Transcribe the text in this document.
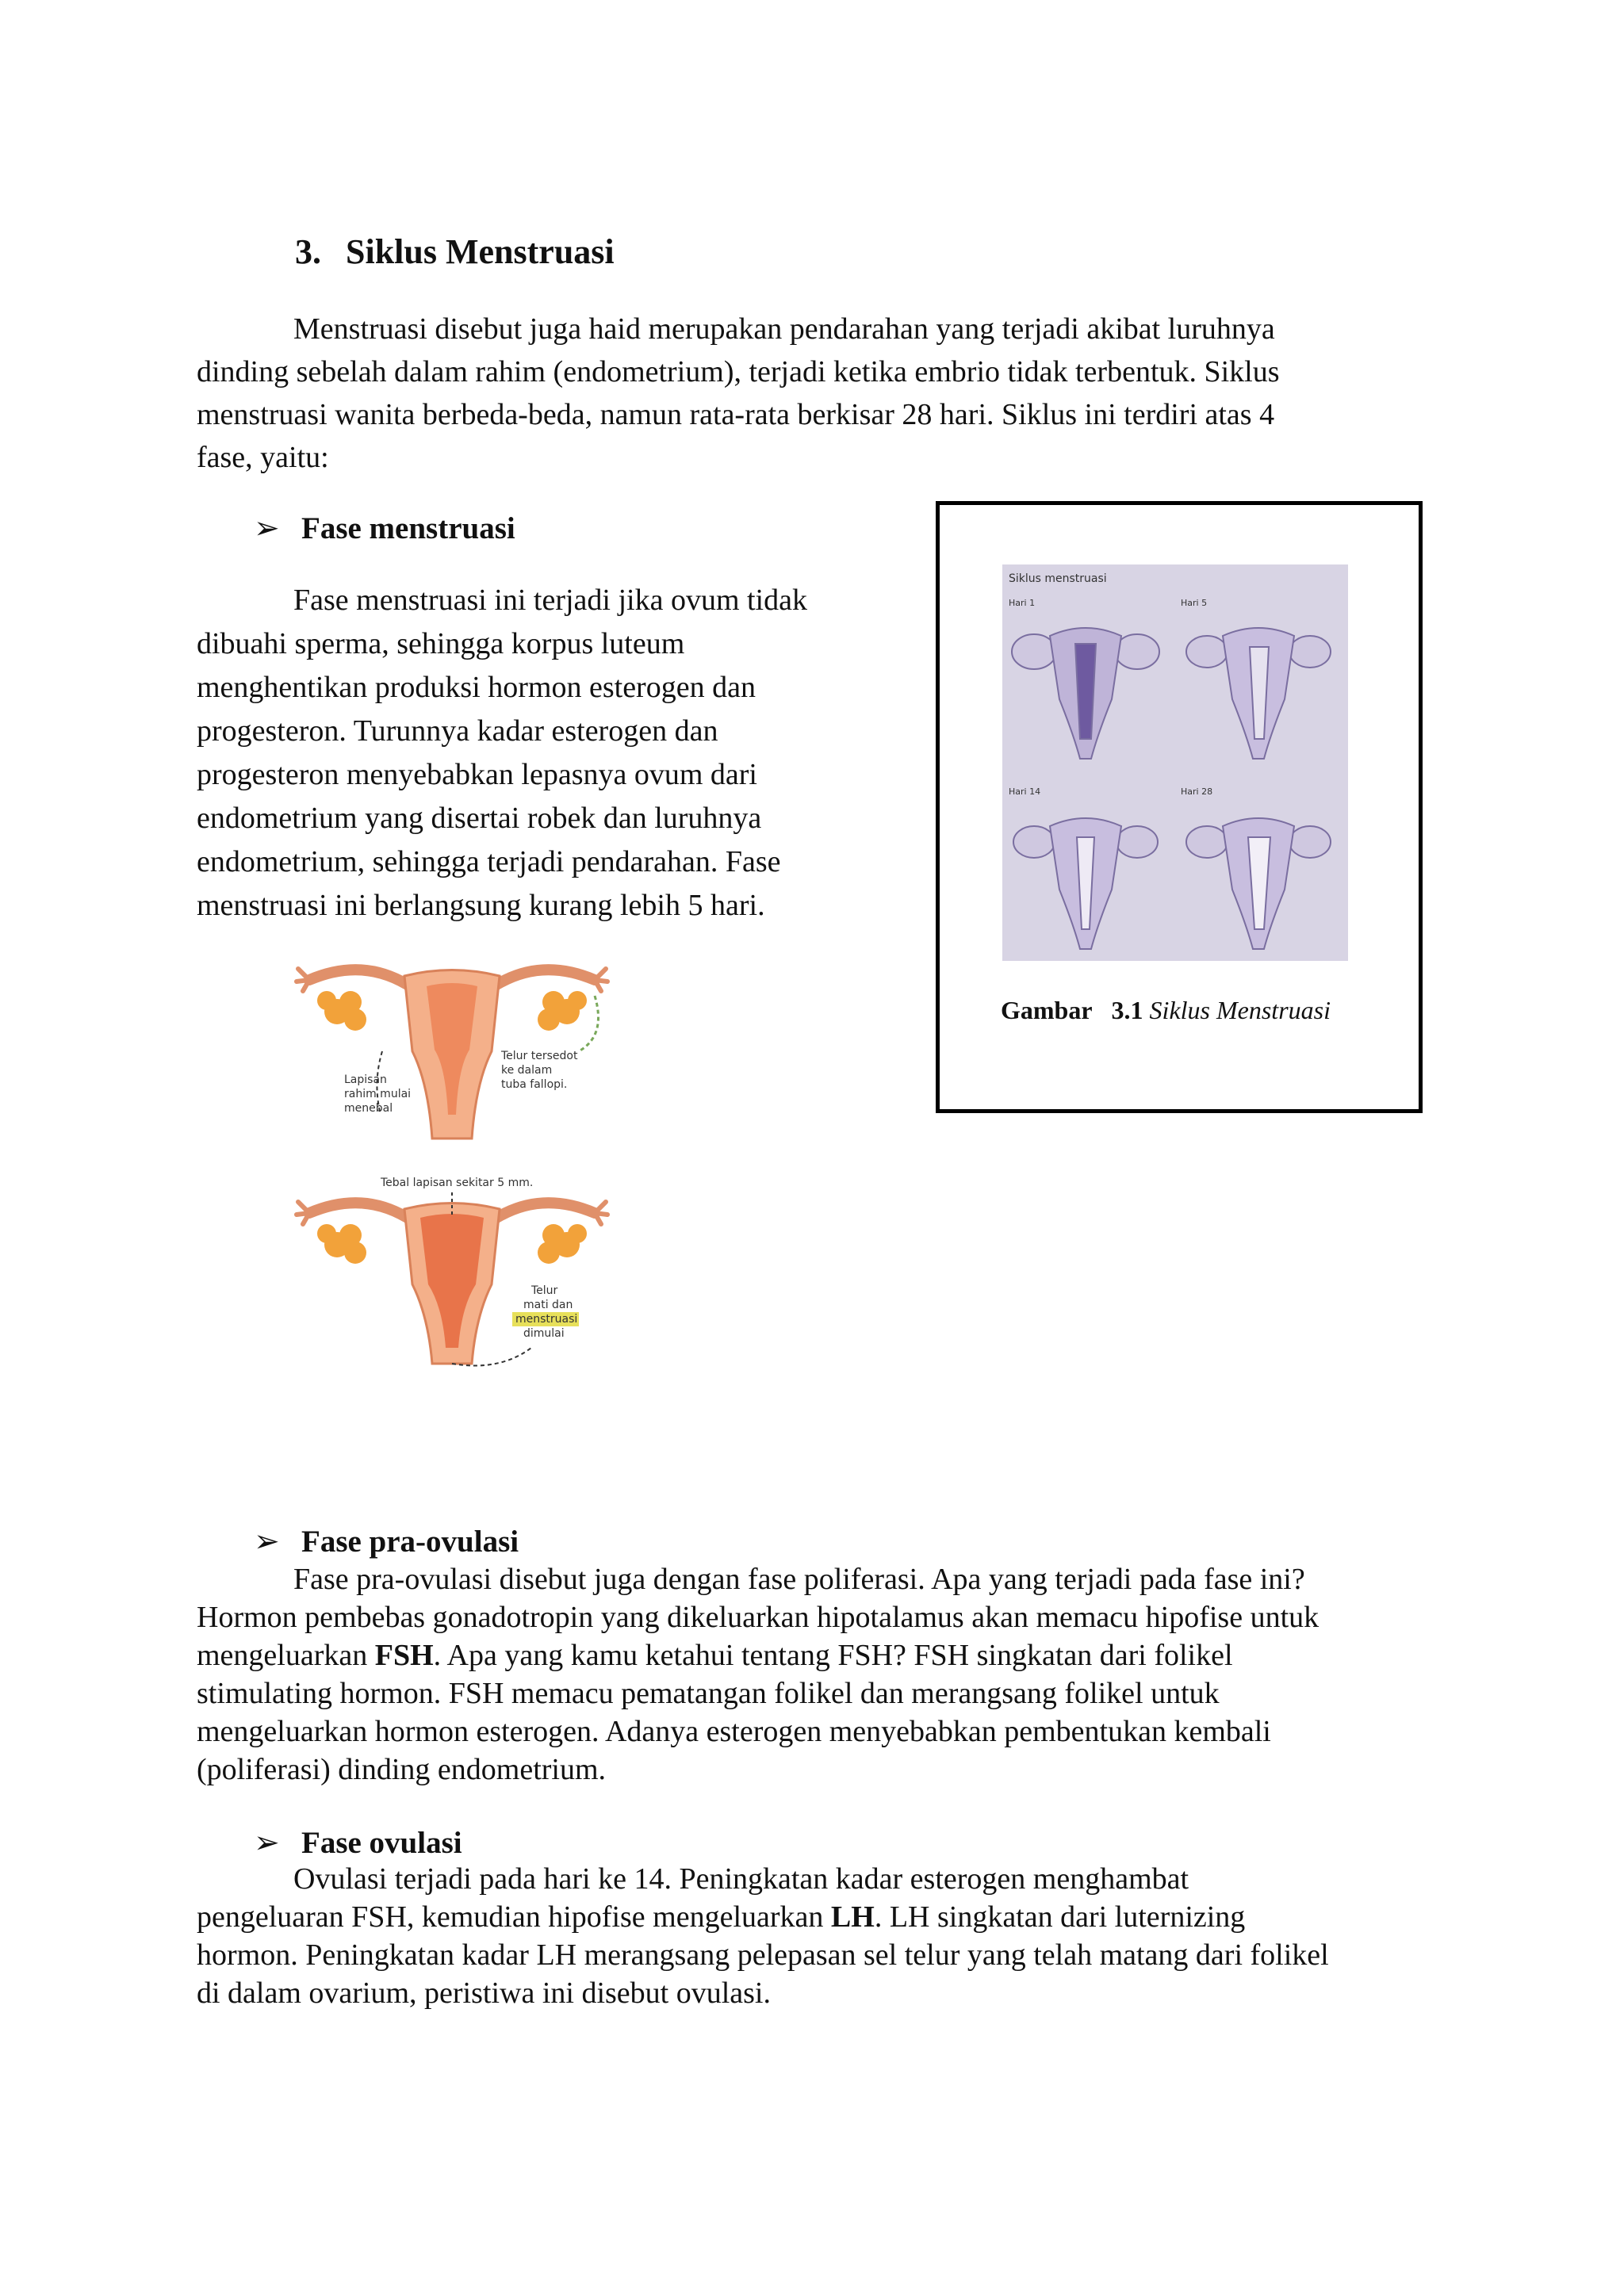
3. Siklus Menstruasi

Menstruasi disebut juga haid merupakan pendarahan yang terjadi akibat luruhnya
dinding sebelah dalam rahim (endometrium), terjadi ketika embrio tidak terbentuk. Siklus
menstruasi wanita berbeda-beda, namun rata-rata berkisar 28 hari. Siklus ini terdiri atas 4
fase, yaitu:

➢ Fase menstruasi

Fase menstruasi ini terjadi jika ovum tidak
dibuahi sperma, sehingga korpus luteum
menghentikan produksi hormon esterogen dan
progesteron. Turunnya kadar esterogen dan
progesteron menyebabkan lepasnya ovum dari
endometrium yang disertai robek dan luruhnya
endometrium, sehingga terjadi pendarahan. Fase
menstruasi ini berlangsung kurang lebih 5 hari.

Siklus menstruasi
Hari 1	Hari 5
Hari 14	Hari 28
Gambar 3.1 Siklus Menstruasi
Lapisan
rahim mulai
menebal
Telur tersedot
ke dalam
tuba fallopi.
Tebal lapisan sekitar 5 mm.
Telur
mati dan
menstruasi
dimulai
➢ Fase pra-ovulasi

Fase pra-ovulasi disebut juga dengan fase poliferasi. Apa yang terjadi pada fase ini?
Hormon pembebas gonadotropin yang dikeluarkan hipotalamus akan memacu hipofise untuk
mengeluarkan FSH. Apa yang kamu ketahui tentang FSH? FSH singkatan dari folikel
stimulating hormon. FSH memacu pematangan folikel dan merangsang folikel untuk
mengeluarkan hormon esterogen. Adanya esterogen menyebabkan pembentukan kembali
(poliferasi) dinding endometrium.

➢ Fase ovulasi

Ovulasi terjadi pada hari ke 14. Peningkatan kadar esterogen menghambat
pengeluaran FSH, kemudian hipofise mengeluarkan LH. LH singkatan dari luternizing
hormon. Peningkatan kadar LH merangsang pelepasan sel telur yang telah matang dari folikel
di dalam ovarium, peristiwa ini disebut ovulasi.
